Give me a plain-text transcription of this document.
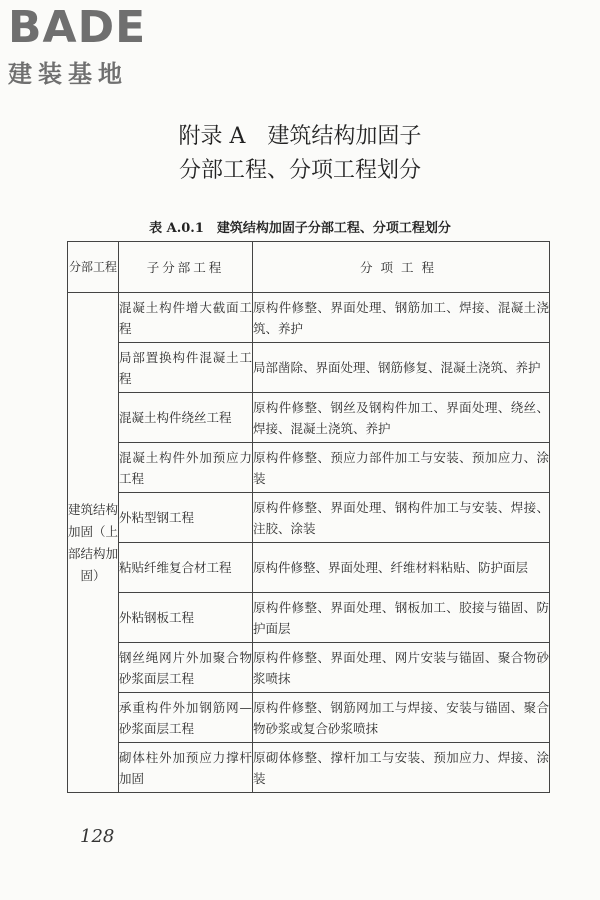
BADE
建装基地
附录 A　建筑结构加固子
分部工程、分项工程划分
表 A.0.1　建筑结构加固子分部工程、分项工程划分
分部工程	子分部工程	分项工程
建筑结构加固（上部结构加固）	混凝土构件增大截面工程	原构件修整、界面处理、钢筋加工、焊接、混凝土浇筑、养护
	局部置换构件混凝土工程	局部凿除、界面处理、钢筋修复、混凝土浇筑、养护
	混凝土构件绕丝工程	原构件修整、钢丝及钢构件加工、界面处理、绕丝、焊接、混凝土浇筑、养护
	混凝土构件外加预应力工程	原构件修整、预应力部件加工与安装、预加应力、涂装
	外粘型钢工程	原构件修整、界面处理、钢构件加工与安装、焊接、注胶、涂装
	粘贴纤维复合材工程	原构件修整、界面处理、纤维材料粘贴、防护面层
	外粘钢板工程	原构件修整、界面处理、钢板加工、胶接与锚固、防护面层
	钢丝绳网片外加聚合物砂浆面层工程	原构件修整、界面处理、网片安装与锚固、聚合物砂浆喷抹
	承重构件外加钢筋网—砂浆面层工程	原构件修整、钢筋网加工与焊接、安装与锚固、聚合物砂浆或复合砂浆喷抹
	砌体柱外加预应力撑杆加固	原砌体修整、撑杆加工与安装、预加应力、焊接、涂装
128
